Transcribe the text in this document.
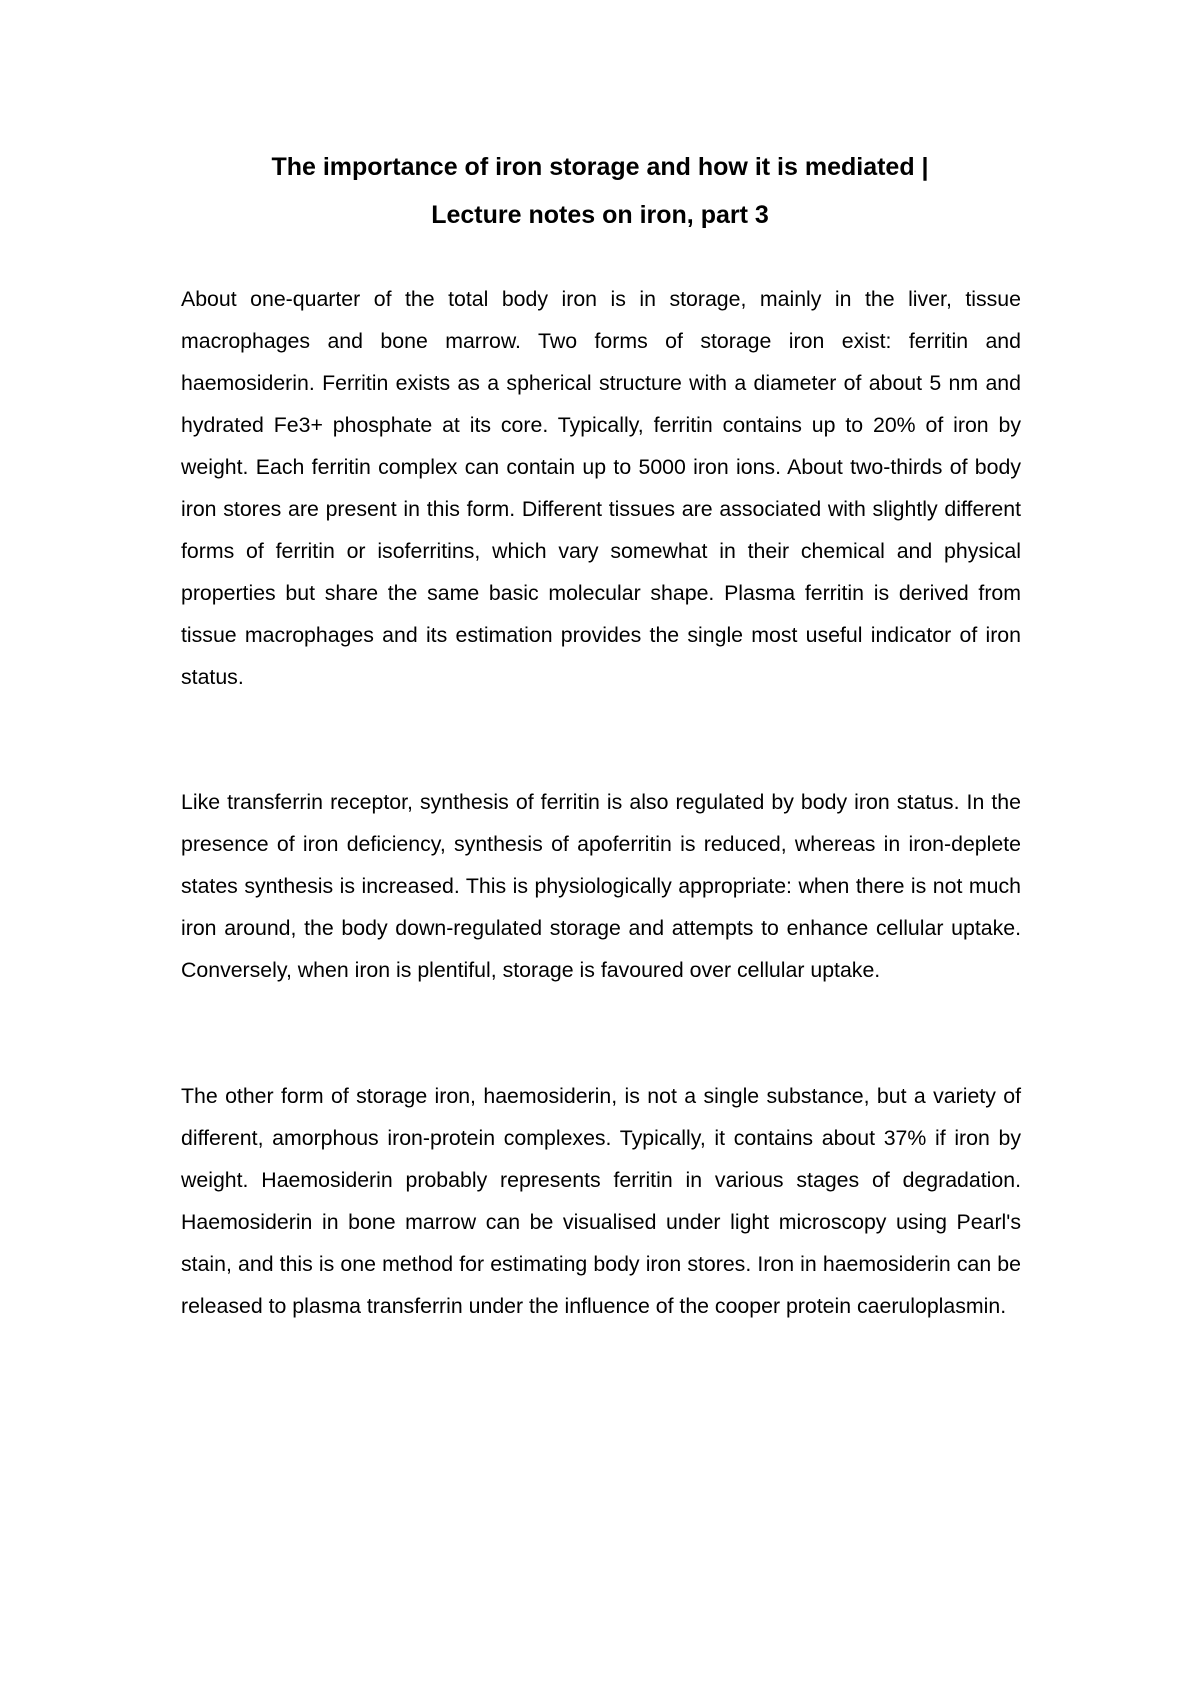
The importance of iron storage and how it is mediated |
Lecture notes on iron, part 3

About one-quarter of the total body iron is in storage, mainly in the liver, tissue macrophages and bone marrow. Two forms of storage iron exist: ferritin and haemosiderin. Ferritin exists as a spherical structure with a diameter of about 5 nm and hydrated Fe3+ phosphate at its core. Typically, ferritin contains up to 20% of iron by weight. Each ferritin complex can contain up to 5000 iron ions. About two-thirds of body iron stores are present in this form. Different tissues are associated with slightly different forms of ferritin or isoferritins, which vary somewhat in their chemical and physical properties but share the same basic molecular shape. Plasma ferritin is derived from tissue macrophages and its estimation provides the single most useful indicator of iron status.

Like transferrin receptor, synthesis of ferritin is also regulated by body iron status. In the presence of iron deficiency, synthesis of apoferritin is reduced, whereas in iron-deplete states synthesis is increased. This is physiologically appropriate: when there is not much iron around, the body down-regulated storage and attempts to enhance cellular uptake. Conversely, when iron is plentiful, storage is favoured over cellular uptake.

The other form of storage iron, haemosiderin, is not a single substance, but a variety of different, amorphous iron-protein complexes. Typically, it contains about 37% if iron by weight. Haemosiderin probably represents ferritin in various stages of degradation. Haemosiderin in bone marrow can be visualised under light microscopy using Pearl's stain, and this is one method for estimating body iron stores. Iron in haemosiderin can be released to plasma transferrin under the influence of the cooper protein caeruloplasmin.
